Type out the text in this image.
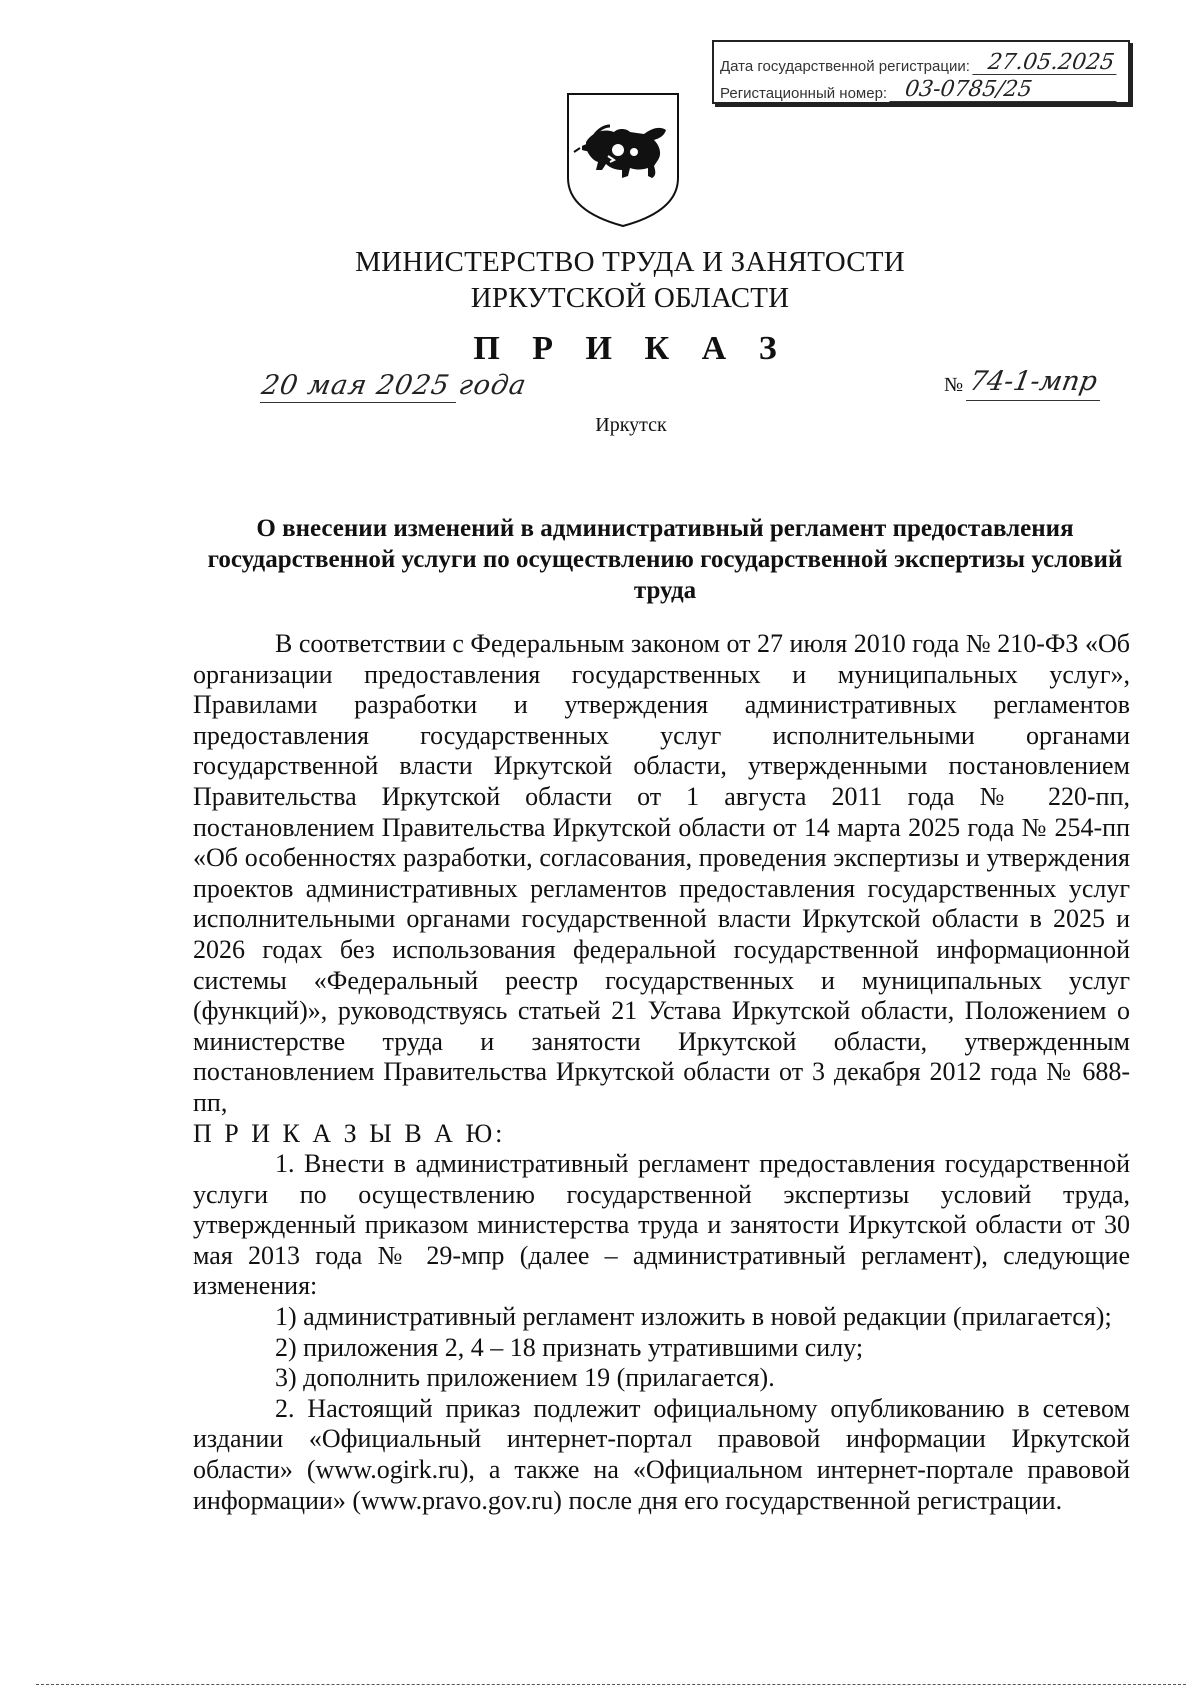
Дата государственной регистрации: 27.05.2025
Регистационный номер: 03-0785/25
МИНИСТЕРСТВО ТРУДА И ЗАНЯТОСТИ
ИРКУТСКОЙ ОБЛАСТИ
П Р И К А З
20 мая 2025 года	№ 74-1-мпр
Иркутск
О внесении изменений в административный регламент предоставления государственной услуги по осуществлению государственной экспертизы условий труда

В соответствии с Федеральным законом от 27 июля 2010 года № 210-ФЗ «Об организации предоставления государственных и муниципальных услуг», Правилами разработки и утверждения административных регламентов предоставления государственных услуг исполнительными органами государственной власти Иркутской области, утвержденными постановлением Правительства Иркутской области от 1 августа 2011 года № 220-пп, постановлением Правительства Иркутской области от 14 марта 2025 года № 254-пп «Об особенностях разработки, согласования, проведения экспертизы и утверждения проектов административных регламентов предоставления государственных услуг исполнительными органами государственной власти Иркутской области в 2025 и 2026 годах без использования федеральной государственной информационной системы «Федеральный реестр государственных и муниципальных услуг (функций)», руководствуясь статьей 21 Устава Иркутской области, Положением о министерстве труда и занятости Иркутской области, утвержденным постановлением Правительства Иркутской области от 3 декабря 2012 года № 688-пп,

П Р И К А З Ы В А Ю:

1. Внести в административный регламент предоставления государственной услуги по осуществлению государственной экспертизы условий труда, утвержденный приказом министерства труда и занятости Иркутской области от 30 мая 2013 года № 29-мпр (далее – административный регламент), следующие изменения:

1) административный регламент изложить в новой редакции (прилагается);

2) приложения 2, 4 – 18 признать утратившими силу;

3) дополнить приложением 19 (прилагается).

2. Настоящий приказ подлежит официальному опубликованию в сетевом издании «Официальный интернет-портал правовой информации Иркутской области» (www.ogirk.ru), а также на «Официальном интернет-портале правовой информации» (www.pravo.gov.ru) после дня его государственной регистрации.
